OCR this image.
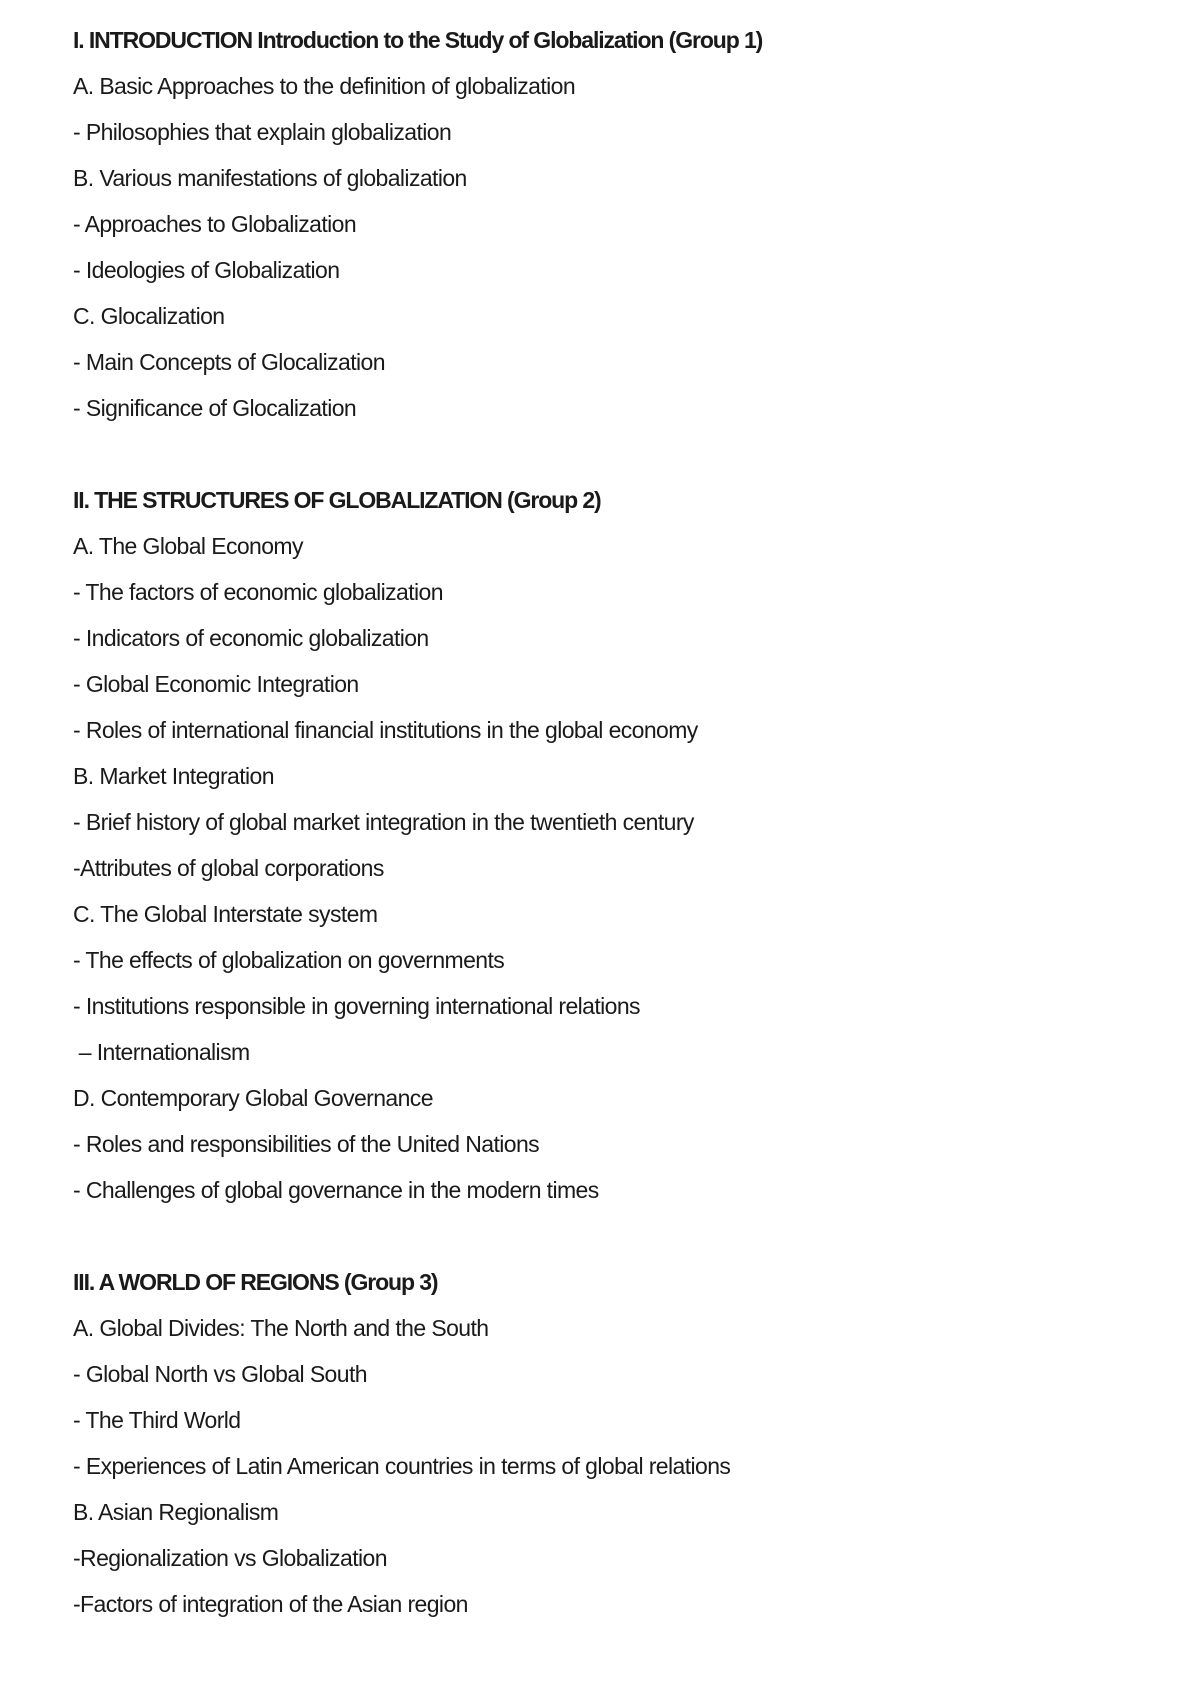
I. INTRODUCTION Introduction to the Study of Globalization (Group 1)
A. Basic Approaches to the definition of globalization
- Philosophies that explain globalization
B. Various manifestations of globalization
- Approaches to Globalization
- Ideologies of Globalization
C. Glocalization
- Main Concepts of Glocalization
- Significance of Glocalization
II. THE STRUCTURES OF GLOBALIZATION (Group 2)
A. The Global Economy
- The factors of economic globalization
- Indicators of economic globalization
- Global Economic Integration
- Roles of international financial institutions in the global economy
B. Market Integration
- Brief history of global market integration in the twentieth century
-Attributes of global corporations
C. The Global Interstate system
- The effects of globalization on governments
- Institutions responsible in governing international relations
– Internationalism
D. Contemporary Global Governance
- Roles and responsibilities of the United Nations
- Challenges of global governance in the modern times
III. A WORLD OF REGIONS (Group 3)
A. Global Divides: The North and the South
- Global North vs Global South
- The Third World
- Experiences of Latin American countries in terms of global relations
B. Asian Regionalism
-Regionalization vs Globalization
-Factors of integration of the Asian region
